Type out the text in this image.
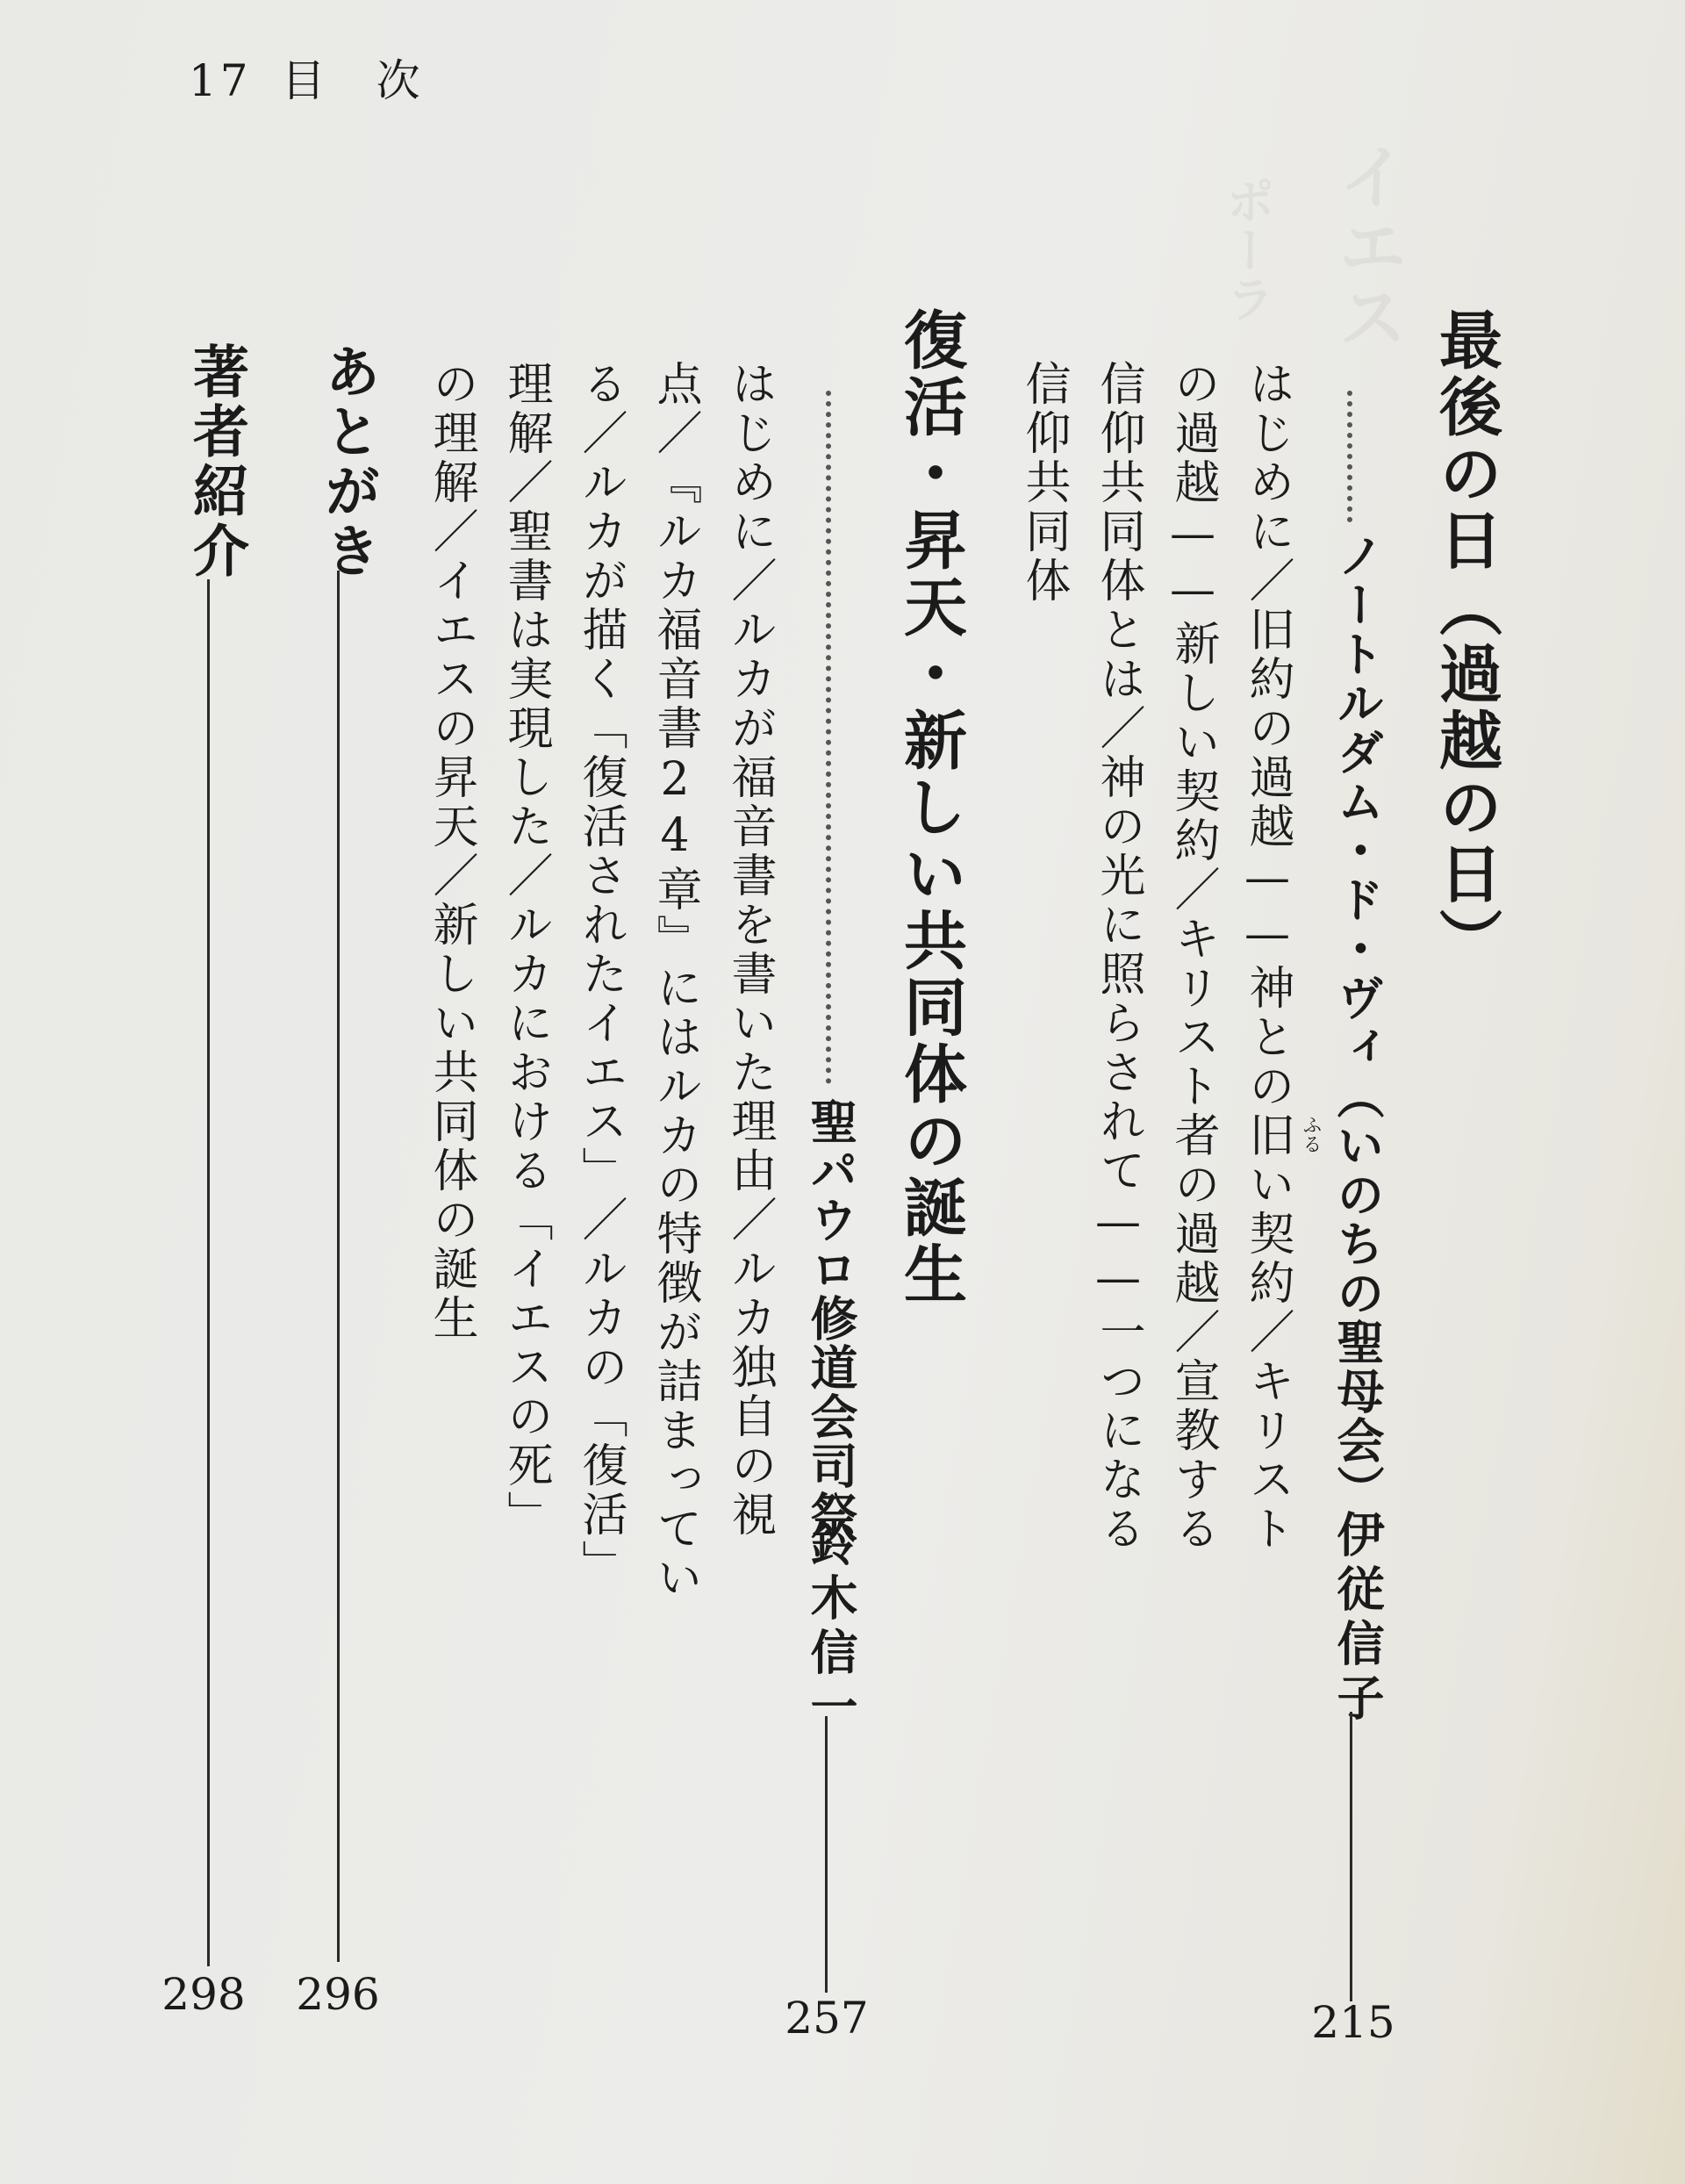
17 目　次
最後の日（過越の日）
ノートルダム・ド・ヴィ（いのちの聖母会）
ふる
伊従信子
215
はじめに／旧約の過越——神との旧い契約／キリスト
の過越——新しい契約／キリスト者の過越／宣教する
信仰共同体とは／神の光に照らされて——一つになる
信仰共同体
復活・昇天・新しい共同体の誕生
聖パウロ修道会司祭
鈴木信一
257
はじめに／ルカが福音書を書いた理由／ルカ独自の視
点／『ルカ福音書24章』にはルカの特徴が詰まってい
る／ルカが描く「復活されたイエス」／ルカの「復活」
理解／聖書は実現した／ルカにおける「イエスの死」
の理解／イエスの昇天／新しい共同体の誕生
あとがき
296
著者紹介
298
